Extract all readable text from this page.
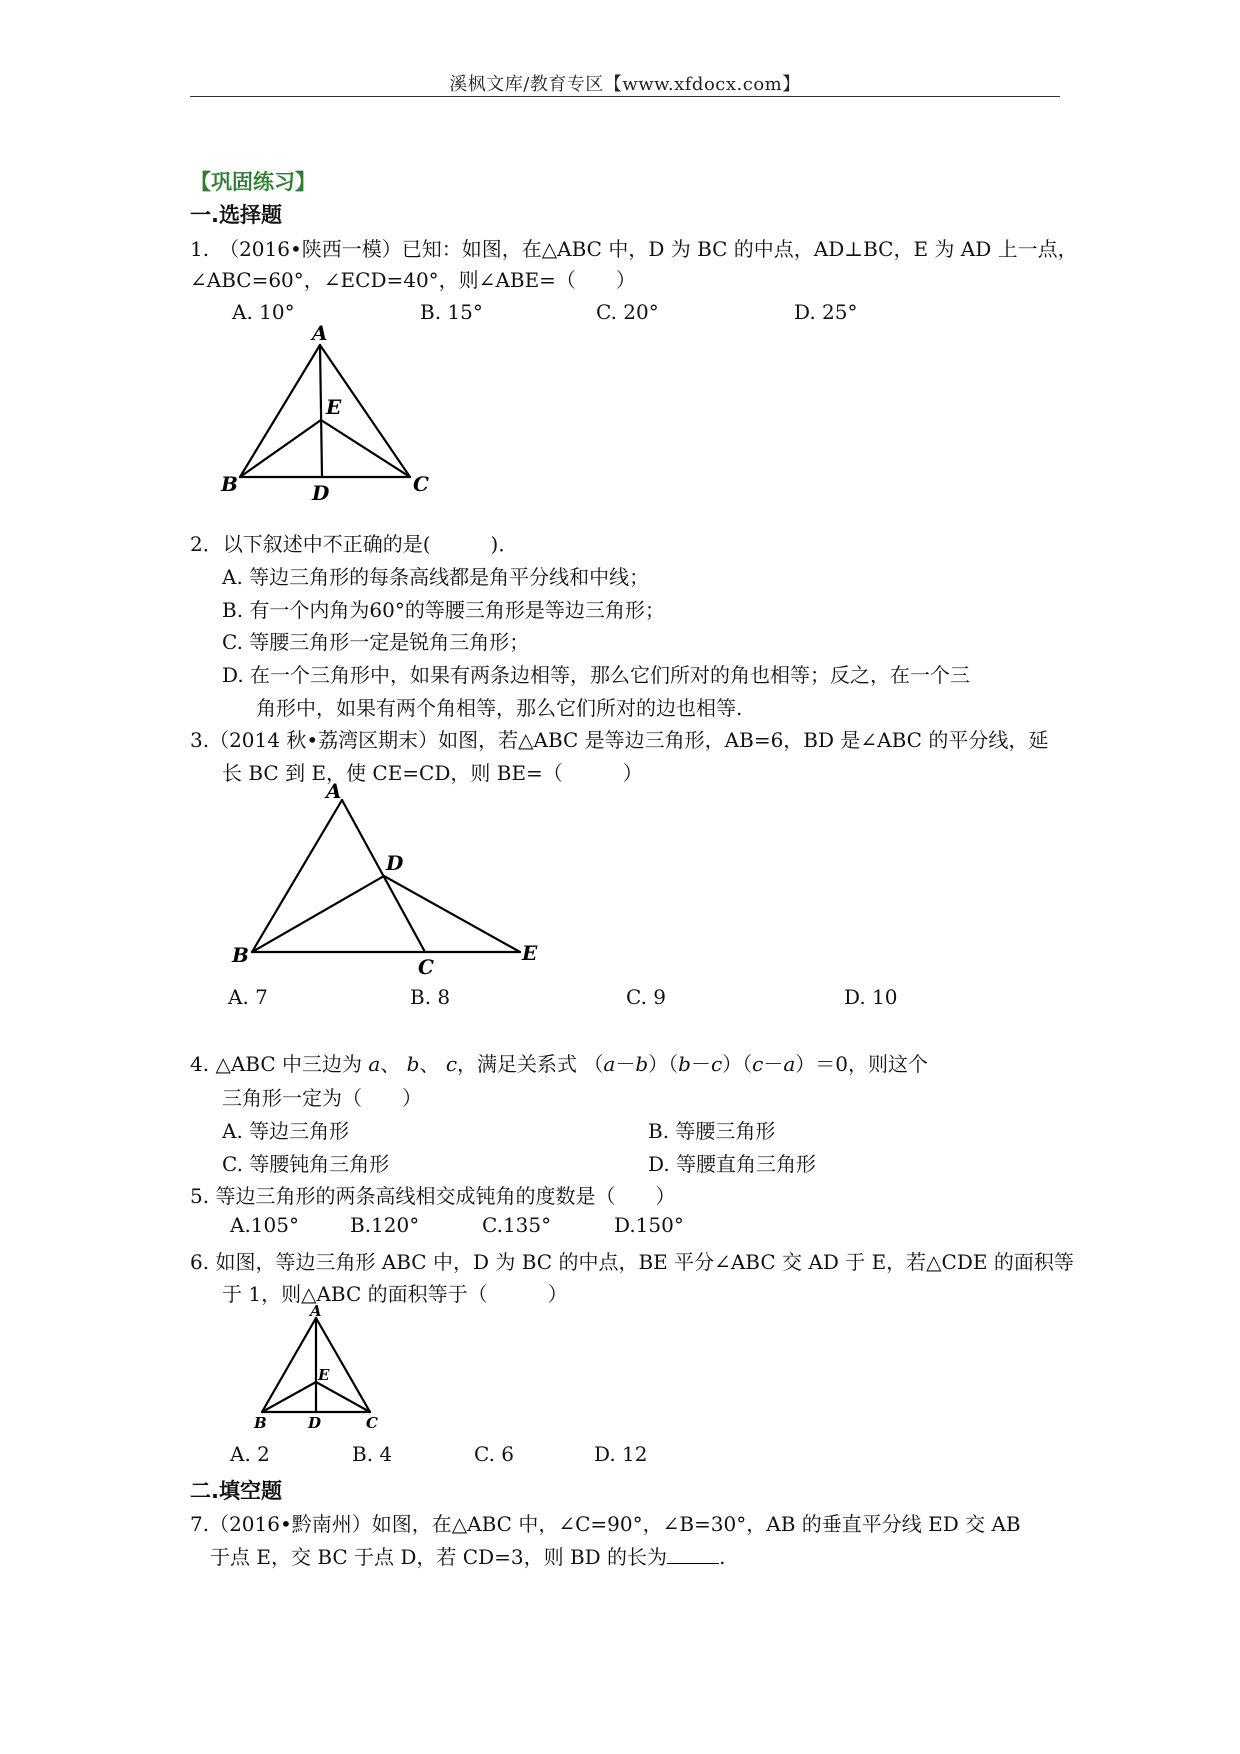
溪枫文库/教育专区【www.xfdocx.com】
【巩固练习】
一.选择题
1.　（2016•陕西一模）已知：如图，在△ABC 中，D 为 BC 的中点，AD⊥BC，E 为 AD 上一点，
∠ABC=60°，∠ECD=40°，则∠ABE=（　　）
A. 10°	B. 15°	C. 20°	D. 25°
A
E
B	D	C
2．以下叙述中不正确的是(　　　)．
A. 等边三角形的每条高线都是角平分线和中线；
B. 有一个内角为60°的等腰三角形是等边三角形；
C. 等腰三角形一定是锐角三角形；
D. 在一个三角形中，如果有两条边相等，那么它们所对的角也相等；反之，在一个三
角形中，如果有两个角相等，那么它们所对的边也相等.
3.（2014 秋•荔湾区期末）如图，若△ABC 是等边三角形，AB=6，BD 是∠ABC 的平分线，延
长 BC 到 E，使 CE=CD，则 BE=（　　　）
A
D
B	C
E
A. 7	B. 8	C. 9	D. 10
4. △ABC 中三边为 a、 b、 c，满足关系式 （a－b）（b－c）（c－a）＝0，则这个
三角形一定为（　　）
A. 等边三角形	B. 等腰三角形
C. 等腰钝角三角形	D. 等腰直角三角形
5. 等边三角形的两条高线相交成钝角的度数是（　　）
A.105°	B.120°	C.135°	D.150°
6. 如图，等边三角形 ABC 中，D 为 BC 的中点，BE 平分∠ABC 交 AD 于 E，若△CDE 的面积等
于 1，则△ABC 的面积等于（　　　）
A
E
B	D	C
A. 2	B. 4	C. 6	D. 12
二.填空题
7.（2016•黔南州）如图，在△ABC 中，∠C=90°，∠B=30°，AB 的垂直平分线 ED 交 AB
于点 E，交 BC 于点 D，若 CD=3，则 BD 的长为	.
